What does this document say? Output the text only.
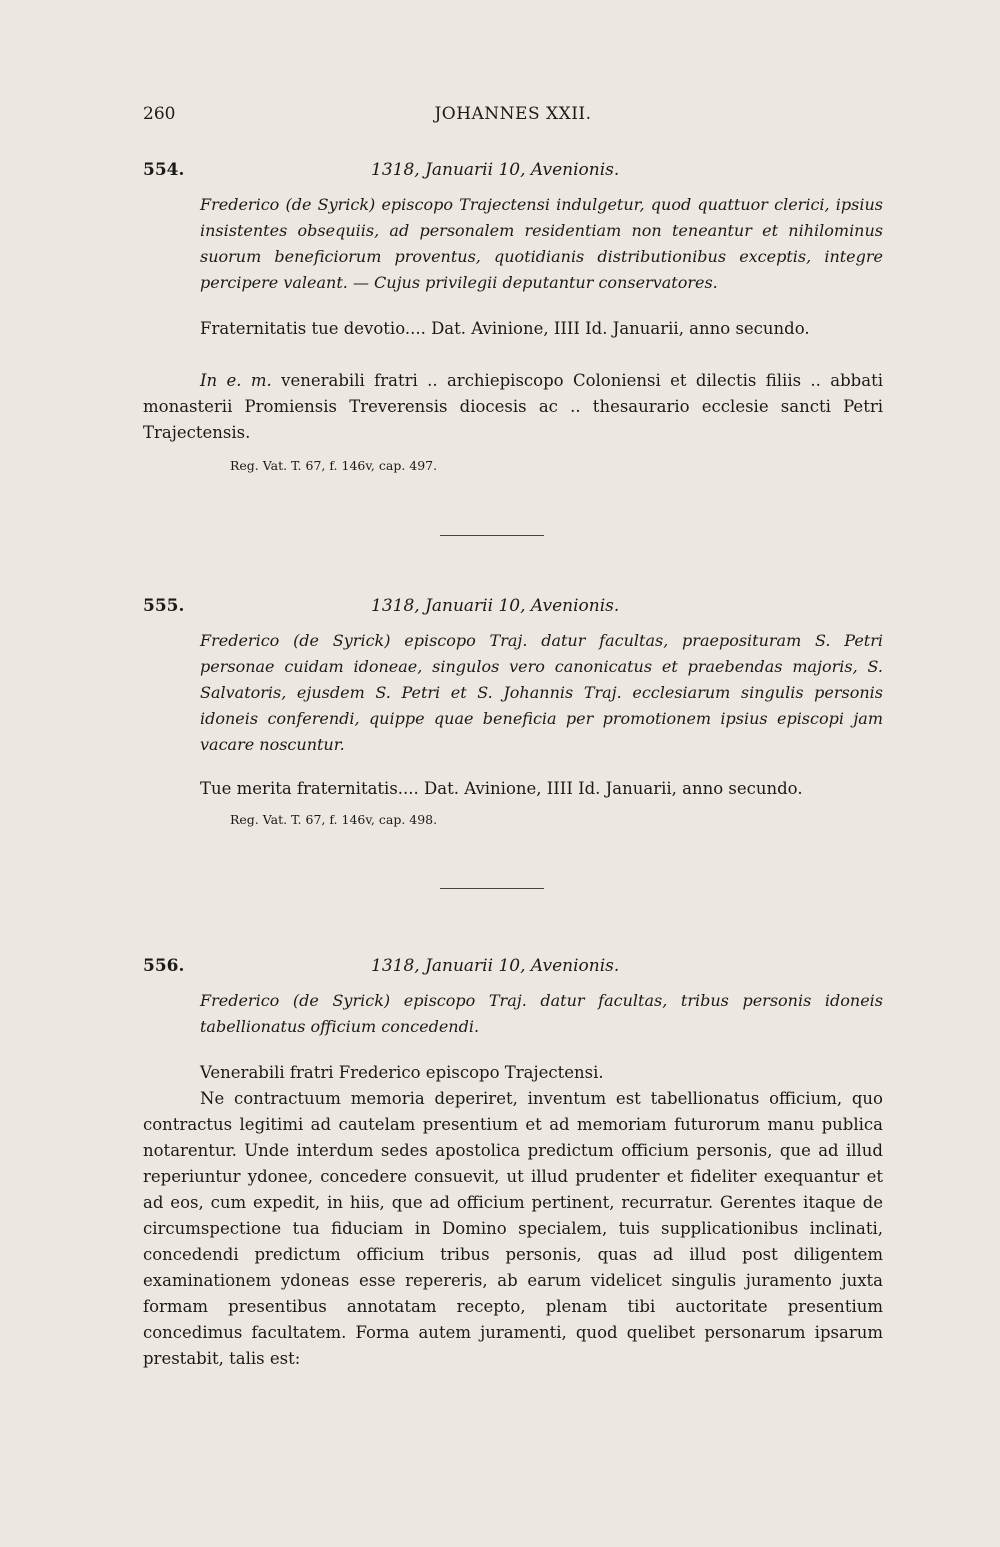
260	JOHANNES XXII.
554.	1318, Januarii 10, Avenionis.
Frederico (de Syrick) episcopo Trajectensi indulgetur, quod quattuor clerici, ipsius insistentes obsequiis, ad personalem residentiam non teneantur et nihilominus suorum beneficiorum proventus, quotidianis distributionibus exceptis, integre percipere valeant. — Cujus privilegii deputantur conservatores.
Fraternitatis tue devotio.... Dat. Avinione, IIII Id. Januarii, anno secundo.
In e. m. venerabili fratri .. archiepiscopo Coloniensi et dilectis filiis .. abbati monasterii Promiensis Treverensis diocesis ac .. thesaurario ecclesie sancti Petri Trajectensis.
Reg. Vat. T. 67, f. 146v, cap. 497.
555.	1318, Januarii 10, Avenionis.
Frederico (de Syrick) episcopo Traj. datur facultas, praeposituram S. Petri personae cuidam idoneae, singulos vero canonicatus et praebendas majoris, S. Salvatoris, ejusdem S. Petri et S. Johannis Traj. ecclesiarum singulis personis idoneis conferendi, quippe quae beneficia per promotionem ipsius episcopi jam vacare noscuntur.
Tue merita fraternitatis.... Dat. Avinione, IIII Id. Januarii, anno secundo.
Reg. Vat. T. 67, f. 146v, cap. 498.
556.	1318, Januarii 10, Avenionis.
Frederico (de Syrick) episcopo Traj. datur facultas, tribus personis idoneis tabellionatus officium concedendi.
Venerabili fratri Frederico episcopo Trajectensi.
Ne contractuum memoria deperiret, inventum est tabellionatus officium, quo contractus legitimi ad cautelam presentium et ad memoriam futurorum manu publica notarentur. Unde interdum sedes apostolica predictum officium personis, que ad illud reperiuntur ydonee, concedere consuevit, ut illud prudenter et fideliter exequantur et ad eos, cum expedit, in hiis, que ad officium pertinent, recurratur. Gerentes itaque de circumspectione tua fiduciam in Domino specialem, tuis supplicationibus inclinati, concedendi predictum officium tribus personis, quas ad illud post diligentem examinationem ydoneas esse repereris, ab earum videlicet singulis juramento juxta formam presentibus annotatam recepto, plenam tibi auctoritate presentium concedimus facultatem. Forma autem juramenti, quod quelibet personarum ipsarum prestabit, talis est:
